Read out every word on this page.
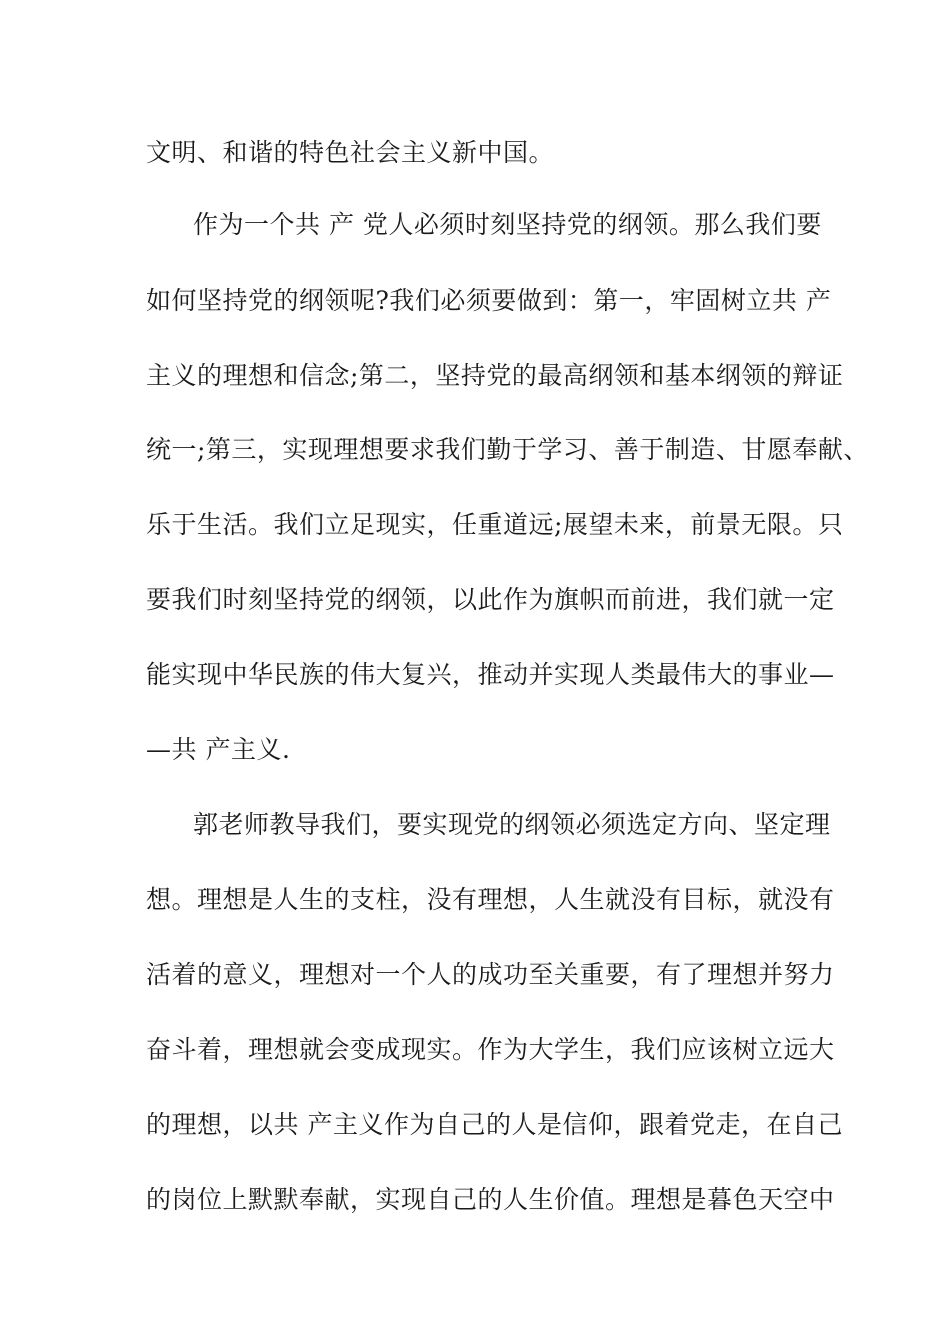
文明、和谐的特色社会主义新中国。
作为一个共 产 党人必须时刻坚持党的纲领。那么我们要
如何坚持党的纲领呢?我们必须要做到：第一，牢固树立共 产
主义的理想和信念;第二，坚持党的最高纲领和基本纲领的辩证
统一;第三，实现理想要求我们勤于学习、善于制造、甘愿奉献、
乐于生活。我们立足现实，任重道远;展望未来，前景无限。只
要我们时刻坚持党的纲领，以此作为旗帜而前进，我们就一定
能实现中华民族的伟大复兴，推动并实现人类最伟大的事业—
—共 产主义.
郭老师教导我们，要实现党的纲领必须选定方向、坚定理
想。理想是人生的支柱，没有理想，人生就没有目标，就没有
活着的意义，理想对一个人的成功至关重要，有了理想并努力
奋斗着，理想就会变成现实。作为大学生，我们应该树立远大
的理想，以共 产主义作为自己的人是信仰，跟着党走，在自己
的岗位上默默奉献，实现自己的人生价值。理想是暮色天空中
